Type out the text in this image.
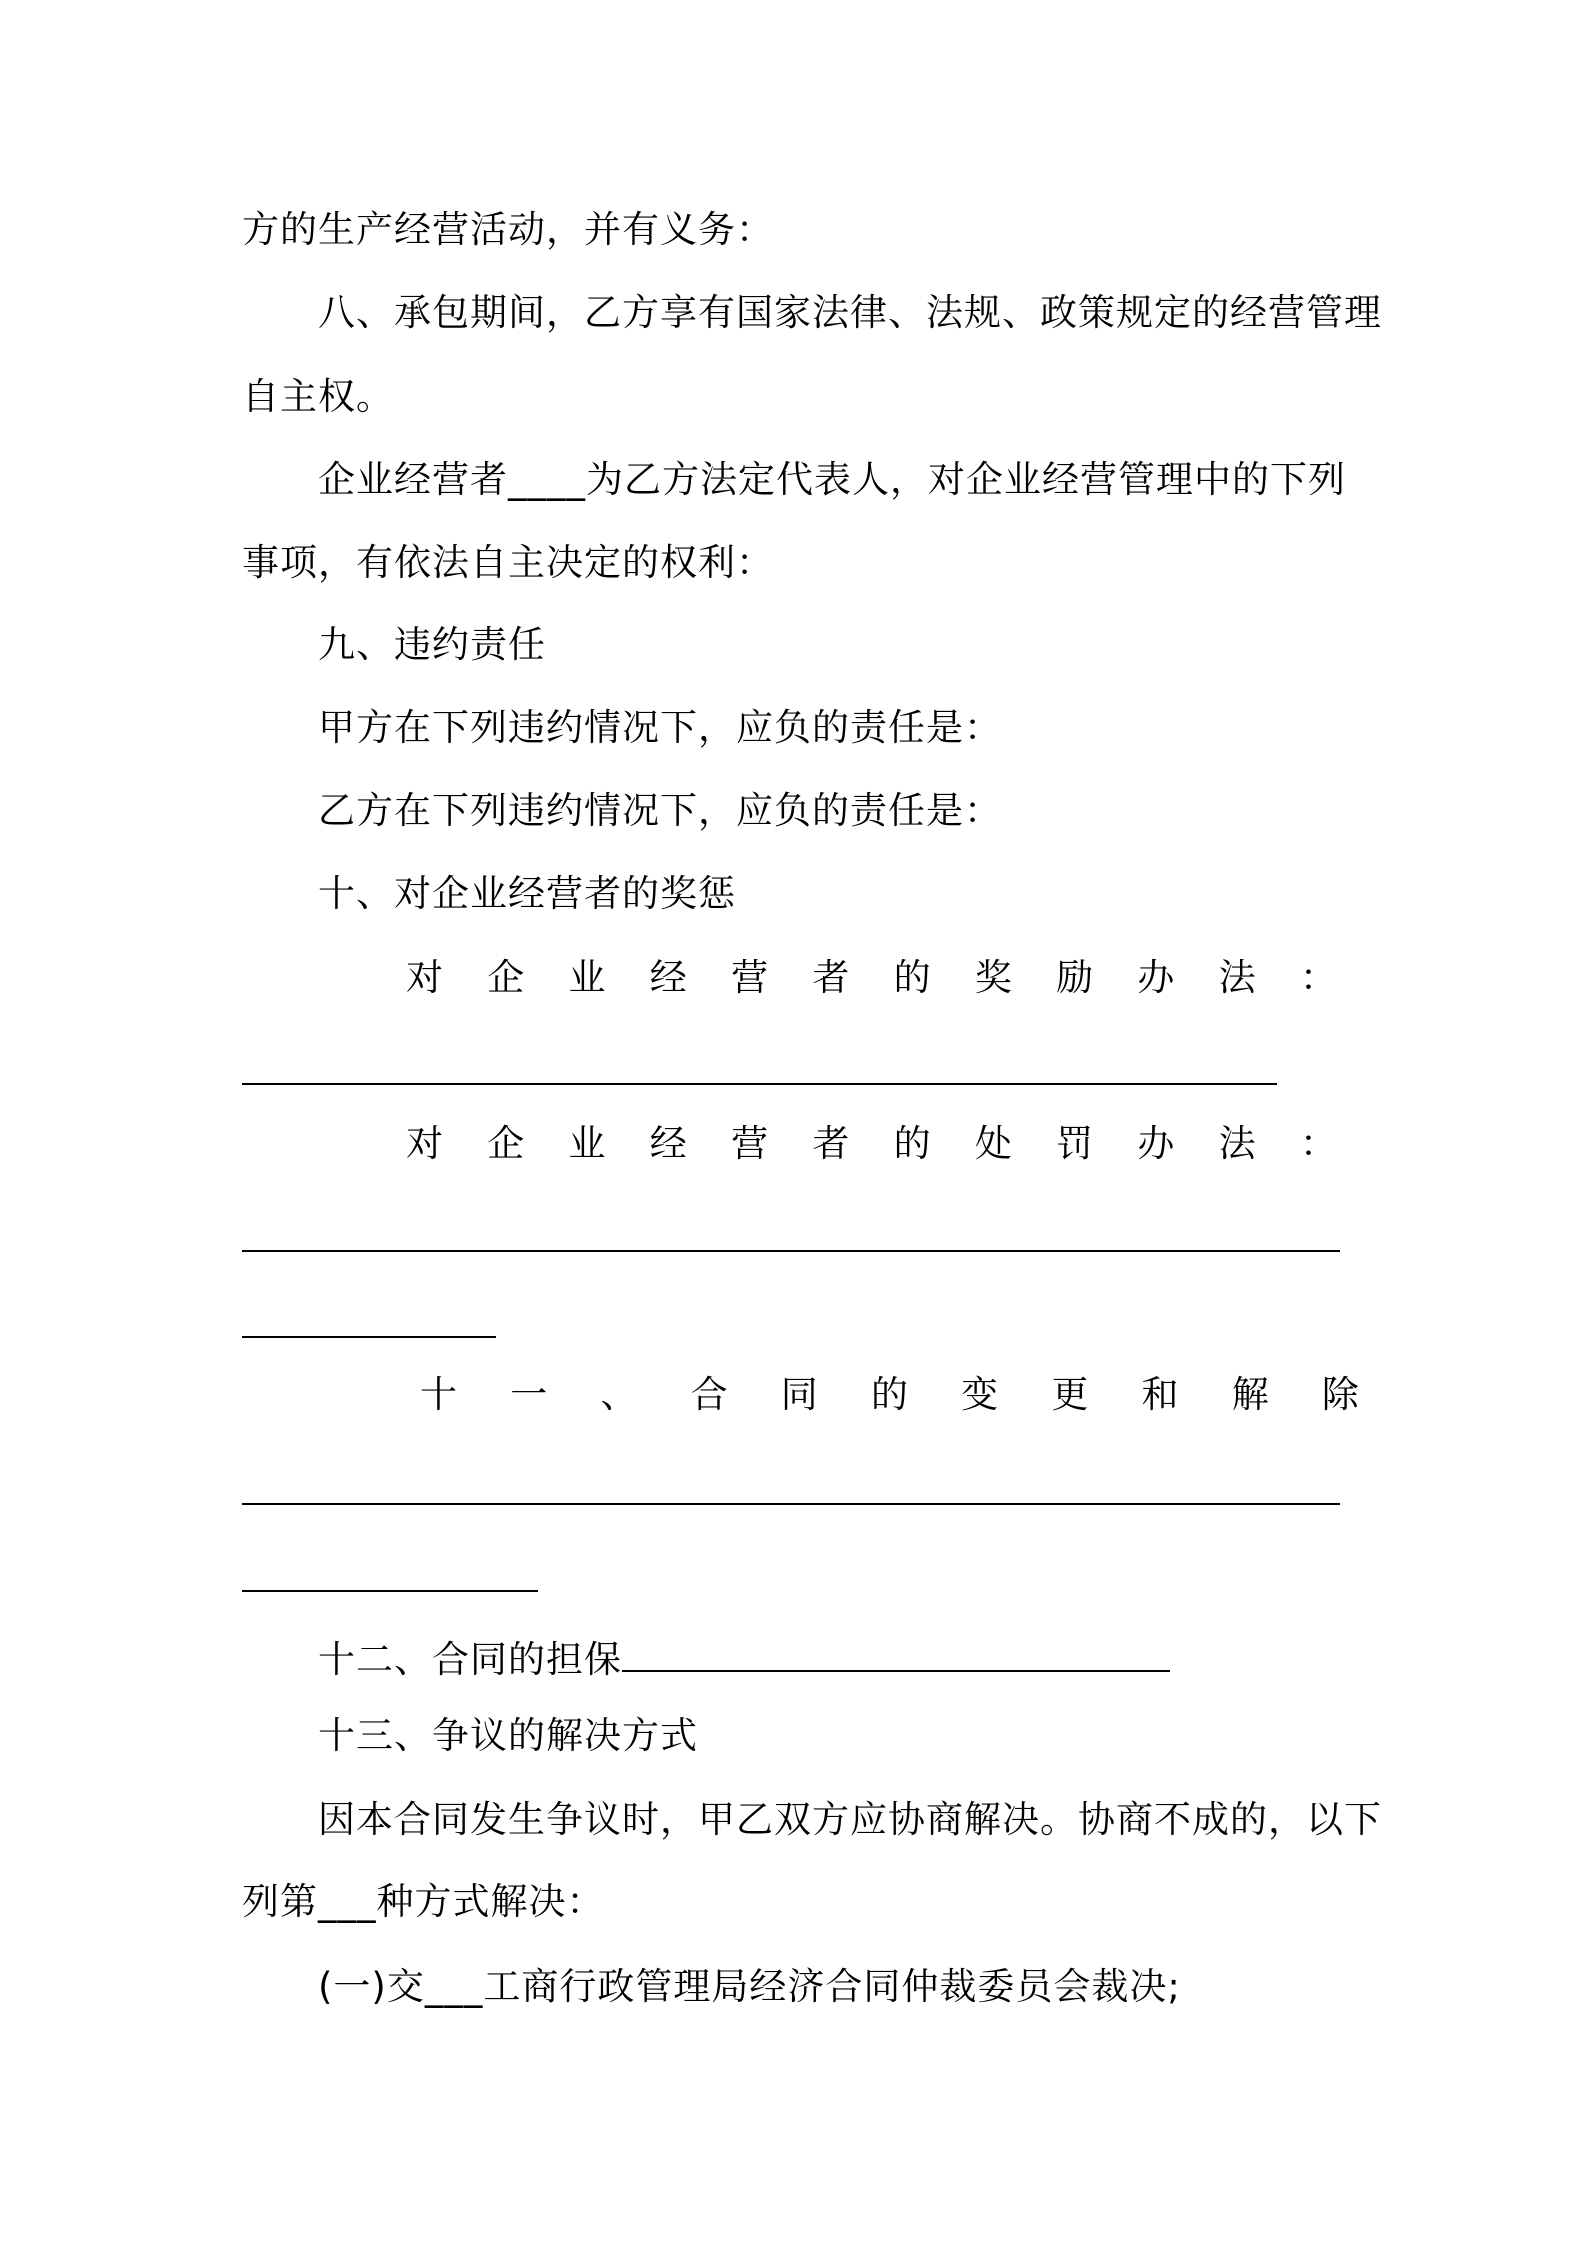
方的生产经营活动，并有义务：
八、承包期间，乙方享有国家法律、法规、政策规定的经营管理
自主权。
企业经营者____为乙方法定代表人，对企业经营管理中的下列
事项，有依法自主决定的权利：
九、违约责任
甲方在下列违约情况下，应负的责任是：
乙方在下列违约情况下，应负的责任是：
十、对企业经营者的奖惩
对 企 业 经 营 者 的 奖 励 办 法 ：
对 企 业 经 营 者 的 处 罚 办 法 ：
十 一 、 合 同 的 变 更 和 解 除
十二、合同的担保
十三、争议的解决方式
因本合同发生争议时，甲乙双方应协商解决。协商不成的，以下
列第___种方式解决：
(一)交___工商行政管理局经济合同仲裁委员会裁决;
